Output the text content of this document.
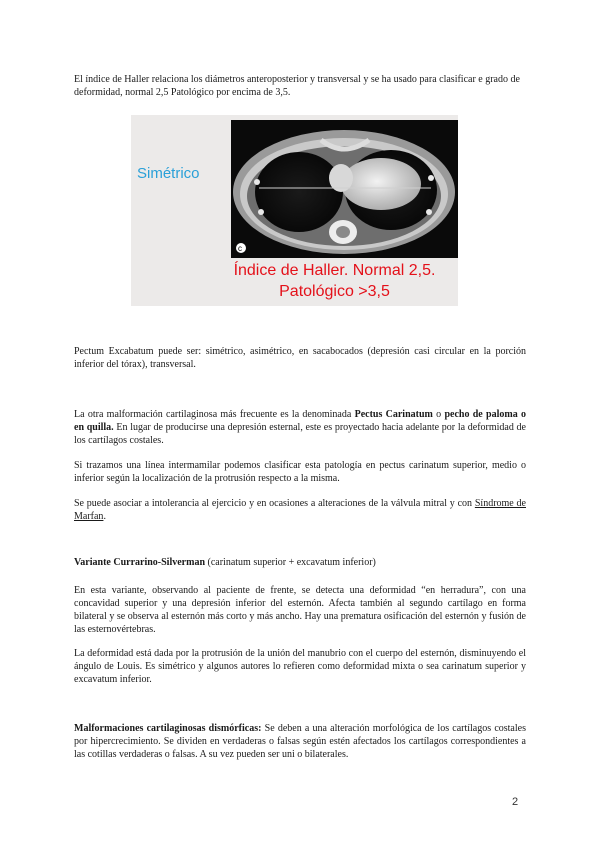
El índice de Haller relaciona los diámetros anteroposterior y transversal y se ha usado para clasificar e grado de deformidad, normal 2,5 Patológico por encima de 3,5.

Simétrico
c
Índice de Haller. Normal 2,5.
Patológico >3,5

Pectum Excabatum puede ser: simétrico, asimétrico, en sacabocados (depresión casi circular en la porción inferior del tórax), transversal.

La otra malformación cartilaginosa más frecuente es la denominada Pectus Carinatum o pecho de paloma o en quilla. En lugar de producirse una depresión esternal, este es proyectado hacia adelante por la deformidad de los cartílagos costales.

Si trazamos una línea intermamilar podemos clasificar esta patología en pectus carinatum superior, medio o inferior según la localización de la protrusión respecto a la misma.

Se puede asociar a intolerancia al ejercicio y en ocasiones a alteraciones de la válvula mitral y con Síndrome de Marfan.

Variante Currarino-Silverman (carinatum superior + excavatum inferior)

En esta variante, observando al paciente de frente, se detecta una deformidad “en herradura”, con una concavidad superior y una depresión inferior del esternón. Afecta también al segundo cartílago en forma bilateral y se observa al esternón más corto y más ancho. Hay una prematura osificación del esternón y fusión de las esternovértebras.

La deformidad está dada por la protrusión de la unión del manubrio con el cuerpo del esternón, disminuyendo el ángulo de Louis. Es simétrico y algunos autores lo refieren como deformidad mixta o sea carinatum superior y excavatum inferior.

Malformaciones cartilaginosas dismórficas: Se deben a una alteración morfológica de los cartílagos costales por hipercrecimiento. Se dividen en verdaderas o falsas según estén afectados los cartílagos correspondientes a las cotillas verdaderas o falsas. A su vez pueden ser uni o bilaterales.

2
